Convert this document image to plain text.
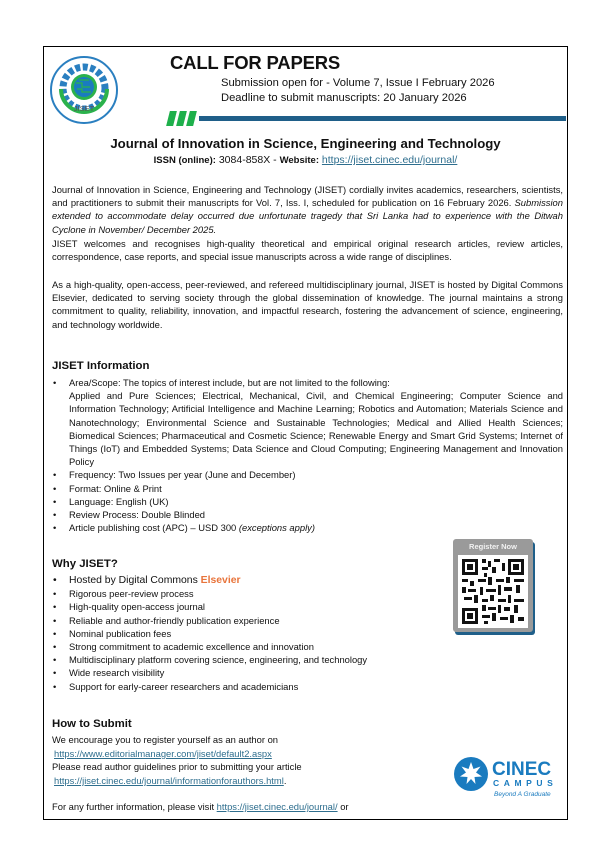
JISET
CALL FOR PAPERS
Submission open for - Volume 7, Issue I February 2026
Deadline to submit manuscripts: 20 January 2026
Journal of Innovation in Science, Engineering and Technology
ISSN (online): 3084-858X - Website: https://jiset.cinec.edu/journal/
Journal of Innovation in Science, Engineering and Technology (JISET) cordially invites academics, researchers, scientists, and practitioners to submit their manuscripts for Vol. 7, Iss. I, scheduled for publication on 16 February 2026. Submission extended to accommodate delay occurred due unfortunate tragedy that Sri Lanka had to experience with the Ditwah Cyclone in November/ December 2025.
JISET welcomes and recognises high-quality theoretical and empirical original research articles, review articles, correspondence, case reports, and special issue manuscripts across a wide range of disciplines.
As a high-quality, open-access, peer-reviewed, and refereed multidisciplinary journal, JISET is hosted by Digital Commons Elsevier, dedicated to serving society through the global dissemination of knowledge. The journal maintains a strong commitment to quality, reliability, innovation, and impactful research, fostering the advancement of science, engineering, and technology worldwide.
JISET Information
• Area/Scope: The topics of interest include, but are not limited to the following:
Applied and Pure Sciences; Electrical, Mechanical, Civil, and Chemical Engineering; Computer Science and Information Technology; Artificial Intelligence and Machine Learning; Robotics and Automation; Materials Science and Nanotechnology; Environmental Science and Sustainable Technologies; Medical and Allied Health Sciences; Biomedical Sciences; Pharmaceutical and Cosmetic Science; Renewable Energy and Smart Grid Systems; Internet of Things (IoT) and Embedded Systems; Data Science and Cloud Computing; Engineering Management and Innovation Policy
• Frequency: Two Issues per year (June and December)
• Format: Online & Print
• Language: English (UK)
• Review Process: Double Blinded
• Article publishing cost (APC) – USD 300 (exceptions apply)
Why JISET?
• Hosted by Digital Commons Elsevier
• Rigorous peer-review process
• High-quality open-access journal
• Reliable and author-friendly publication experience
• Nominal publication fees
• Strong commitment to academic excellence and innovation
• Multidisciplinary platform covering science, engineering, and technology
• Wide research visibility
• Support for early-career researchers and academicians
Register Now
How to Submit
We encourage you to register yourself as an author on
https://www.editorialmanager.com/jiset/default2.aspx
Please read author guidelines prior to submitting your article
https://jiset.cinec.edu/journal/informationforauthors.html.
For any further information, please visit https://jiset.cinec.edu/journal/ or
CINEC
CAMPUS
Beyond A Graduate
